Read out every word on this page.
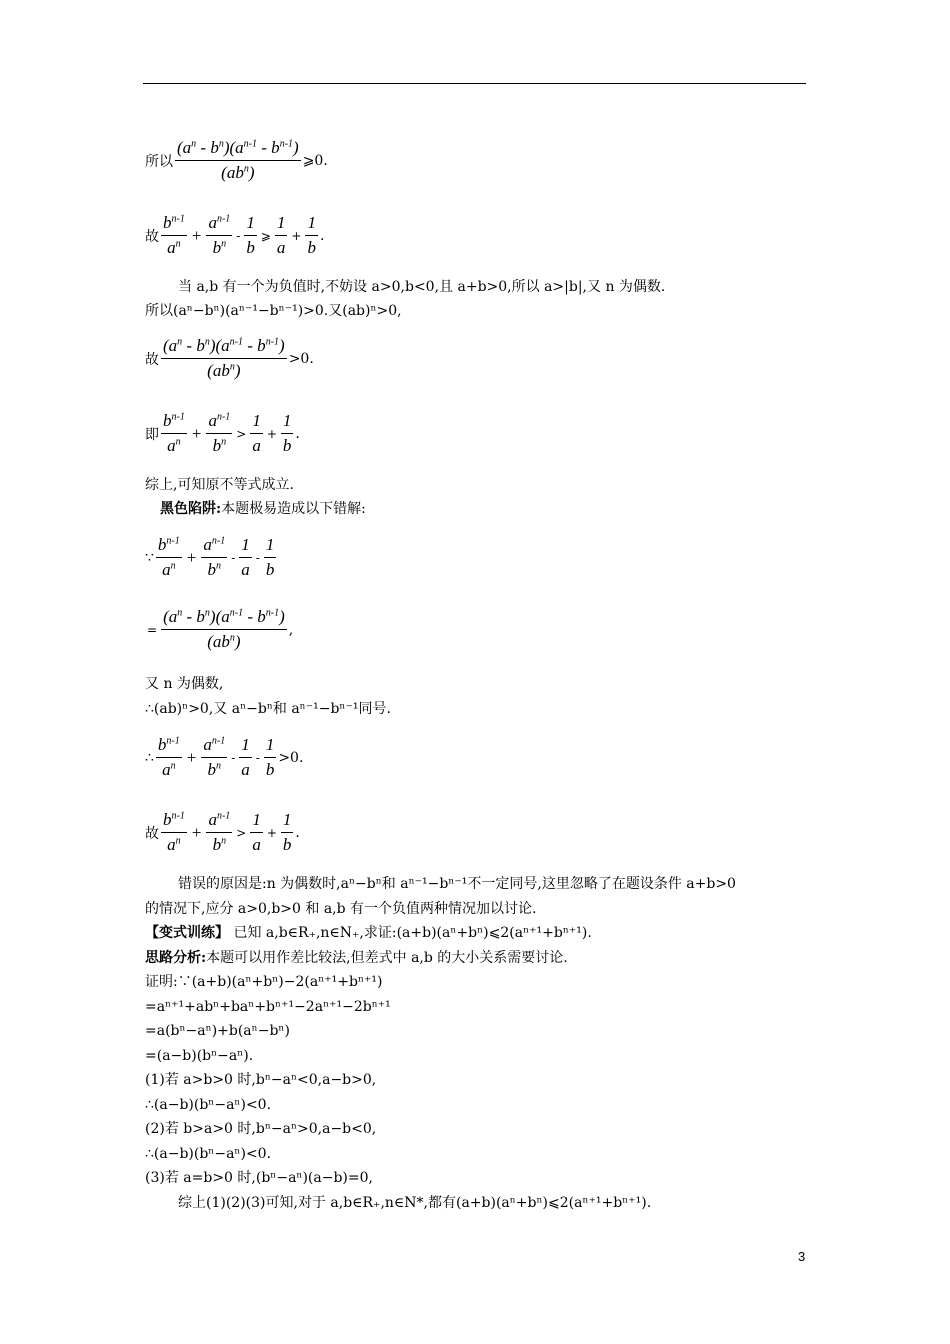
所以 $\frac{(a^n - b^n)(a^{n-1} - b^{n-1})}{(ab^n)}$ ⩾0.
故 $\frac{b^{n-1}}{a^n} + \frac{a^{n-1}}{b^n} - \frac{1}{b}$ ⩾ $\frac{1}{a} + \frac{1}{b}$ .
当 a,b 有一个为负值时,不妨设 a>0,b<0,且 a+b>0,所以 a>|b|,又 n 为偶数.
所以(aⁿ−bⁿ)(aⁿ⁻¹−bⁿ⁻¹)>0.又(ab)ⁿ>0,
故 $\frac{(a^n - b^n)(a^{n-1} - b^{n-1})}{(ab^n)} >0$.
即 $\frac{b^{n-1}}{a^n} + \frac{a^{n-1}}{b^n} > \frac{1}{a} + \frac{1}{b}$ .
综上,可知原不等式成立.
黑色陷阱:本题极易造成以下错解:
∵ $\frac{b^{n-1}}{a^n} + \frac{a^{n-1}}{b^n} - \frac{1}{a} - \frac{1}{b}$
= $\frac{(a^n - b^n)(a^{n-1} - b^{n-1})}{(ab^n)}$ ,
又 n 为偶数,
∴(ab)ⁿ>0,又 aⁿ−bⁿ和 aⁿ⁻¹−bⁿ⁻¹同号.
∴ $\frac{b^{n-1}}{a^n} + \frac{a^{n-1}}{b^n} - \frac{1}{a} - \frac{1}{b} >0$.
故 $\frac{b^{n-1}}{a^n} + \frac{a^{n-1}}{b^n} > \frac{1}{a} + \frac{1}{b}$ .
错误的原因是:n 为偶数时,aⁿ−bⁿ和 aⁿ⁻¹−bⁿ⁻¹不一定同号,这里忽略了在题设条件 a+b>0
的情况下,应分 a>0,b>0 和 a,b 有一个负值两种情况加以讨论.
【变式训练】 已知 a,b∈R₊,n∈N₊,求证:(a+b)(aⁿ+bⁿ)⩽2(aⁿ⁺¹+bⁿ⁺¹).
思路分析:本题可以用作差比较法,但差式中 a,b 的大小关系需要讨论.
证明:∵(a+b)(aⁿ+bⁿ)−2(aⁿ⁺¹+bⁿ⁺¹)
=aⁿ⁺¹+abⁿ+baⁿ+bⁿ⁺¹−2aⁿ⁺¹−2bⁿ⁺¹
=a(bⁿ−aⁿ)+b(aⁿ−bⁿ)
=(a−b)(bⁿ−aⁿ).
(1)若 a>b>0 时,bⁿ−aⁿ<0,a−b>0,
∴(a−b)(bⁿ−aⁿ)<0.
(2)若 b>a>0 时,bⁿ−aⁿ>0,a−b<0,
∴(a−b)(bⁿ−aⁿ)<0.
(3)若 a=b>0 时,(bⁿ−aⁿ)(a−b)=0,
综上(1)(2)(3)可知,对于 a,b∈R₊,n∈N*,都有(a+b)(aⁿ+bⁿ)⩽2(aⁿ⁺¹+bⁿ⁺¹).
3
